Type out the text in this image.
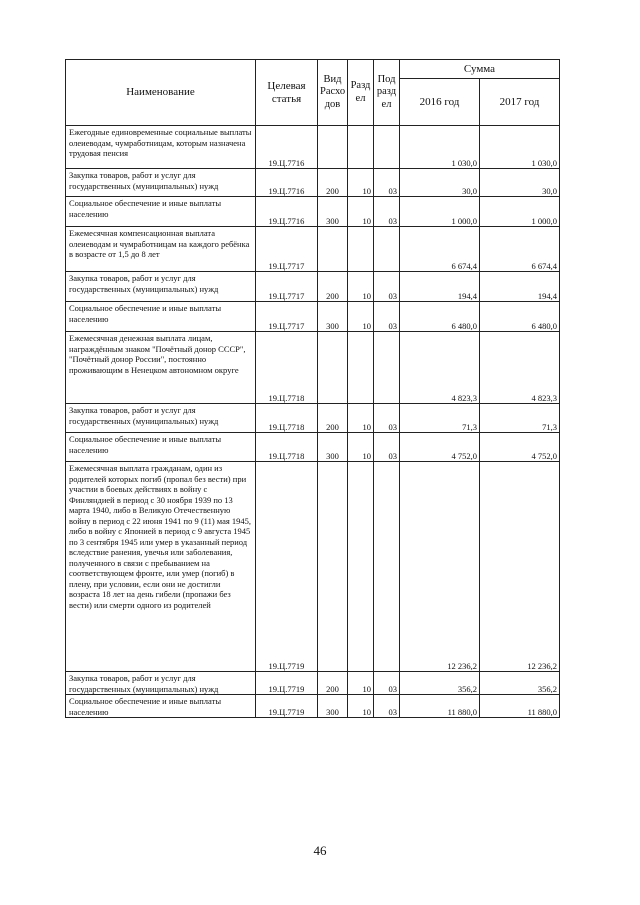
Наименование	Целевая статья	Вид Расхо дов	Разд ел	Под разд ел	Сумма	
					2016 год	2017 год
Ежегодные единовременные социальные выплаты олеиеводам, чумработницам, которым назначена трудовая пенсия	19.Ц.7716				1 030,0	1 030,0
Закупка товаров, работ и услуг для государственных (муниципальных) нужд	19.Ц.7716	200	10	03	30,0	30,0
Социальное обеспечение и иные выплаты населению	19.Ц.7716	300	10	03	1 000,0	1 000,0
Ежемесячная компенсационная выплата олеиеводам и чумработницам на каждого ребёнка в возрасте от 1,5 до 8 лет	19.Ц.7717				6 674,4	6 674,4
Закупка товаров, работ и услуг для государственных (муниципальных) нужд	19.Ц.7717	200	10	03	194,4	194,4
Социальное обеспечение и иные выплаты населению	19.Ц.7717	300	10	03	6 480,0	6 480,0
Ежемесячная денежная выплата лицам, награждённым знаком "Почётный донор СССР", "Почётный донор России", постоянно проживающим в Ненецком автономном округе	19.Ц.7718				4 823,3	4 823,3
Закупка товаров, работ и услуг для государственных (муниципальных) нужд	19.Ц.7718	200	10	03	71,3	71,3
Социальное обеспечение и иные выплаты населению	19.Ц.7718	300	10	03	4 752,0	4 752,0
Ежемесячная выплата гражданам, один из родителей которых погиб (пропал без вести) при участии в боевых действиях в войну с Финляндией в период с 30 ноября 1939 по 13 марта 1940, либо в Великую Отечественную войну в период с 22 июня 1941 по 9 (11) мая 1945, либо в войну с Японией в период с 9 августа 1945 по 3 сентября 1945 или умер в указанный период вследствие ранения, увечья или заболевания, полученного в связи с пребыванием на соответствующем фронте, или умер (погиб) в плену, при условии, если они не достигли возраста 18 лет на день гибели (пропажи без вести) или смерти одного из родителей	19.Ц.7719				12 236,2	12 236,2
Закупка товаров, работ и услуг для государственных (муниципальных) нужд	19.Ц.7719	200	10	03	356,2	356,2
Социальное обеспечение и иные выплаты населению	19.Ц.7719	300	10	03	11 880,0	11 880,0
46
